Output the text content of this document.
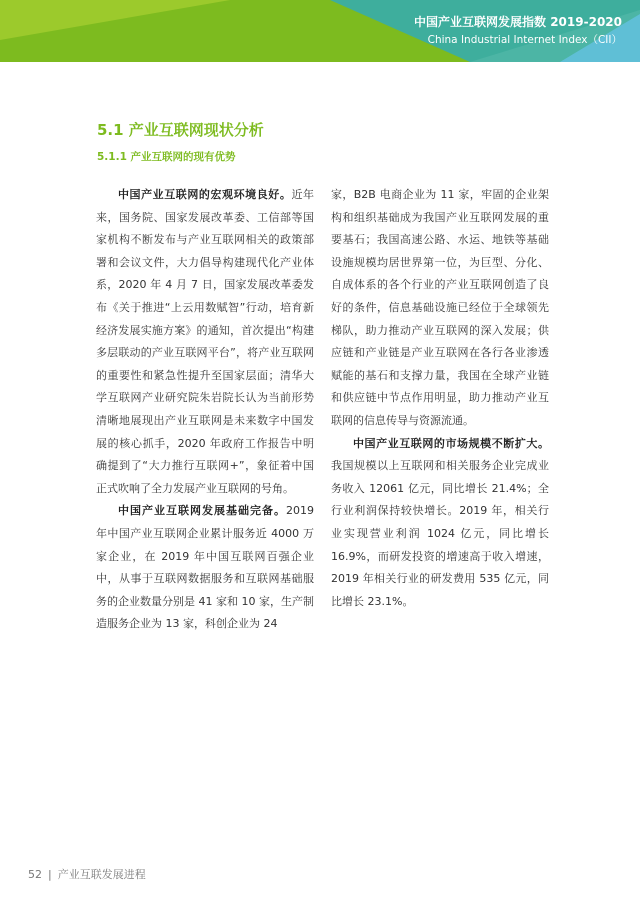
中国产业互联网发展指数 2019-2020
China Industrial Internet Index（CII）
5.1 产业互联网现状分析
5.1.1 产业互联网的现有优势

中国产业互联网的宏观环境良好。近年来，国务院、国家发展改革委、工信部等国家机构不断发布与产业互联网相关的政策部署和会议文件，大力倡导构建现代化产业体系，2020 年 4 月 7 日，国家发展改革委发布《关于推进“上云用数赋智”行动，培育新经济发展实施方案》的通知，首次提出“构建多层联动的产业互联网平台”，将产业互联网的重要性和紧急性提升至国家层面；清华大学互联网产业研究院朱岩院长认为当前形势清晰地展现出产业互联网是未来数字中国发展的核心抓手，2020 年政府工作报告中明确提到了“大力推行互联网+”，象征着中国正式吹响了全力发展产业互联网的号角。

中国产业互联网发展基础完备。2019 年中国产业互联网企业累计服务近 4000 万家企业，在 2019 年中国互联网百强企业中，从事于互联网数据服务和互联网基础服务的企业数量分别是 41 家和 10 家，生产制造服务企业为 13 家，科创企业为 24

家，B2B 电商企业为 11 家，牢固的企业架构和组织基础成为我国产业互联网发展的重要基石；我国高速公路、水运、地铁等基础设施规模均居世界第一位，为巨型、分化、自成体系的各个行业的产业互联网创造了良好的条件，信息基础设施已经位于全球领先梯队，助力推动产业互联网的深入发展；供应链和产业链是产业互联网在各行各业渗透赋能的基石和支撑力量，我国在全球产业链和供应链中节点作用明显，助力推动产业互联网的信息传导与资源流通。

中国产业互联网的市场规模不断扩大。我国规模以上互联网和相关服务企业完成业务收入 12061 亿元，同比增长 21.4%；全行业利润保持较快增长。2019 年，相关行业实现营业利润 1024 亿元，同比增长 16.9%，而研发投资的增速高于收入增速，2019 年相关行业的研发费用 535 亿元，同比增长 23.1%。

52 | 产业互联发展进程
